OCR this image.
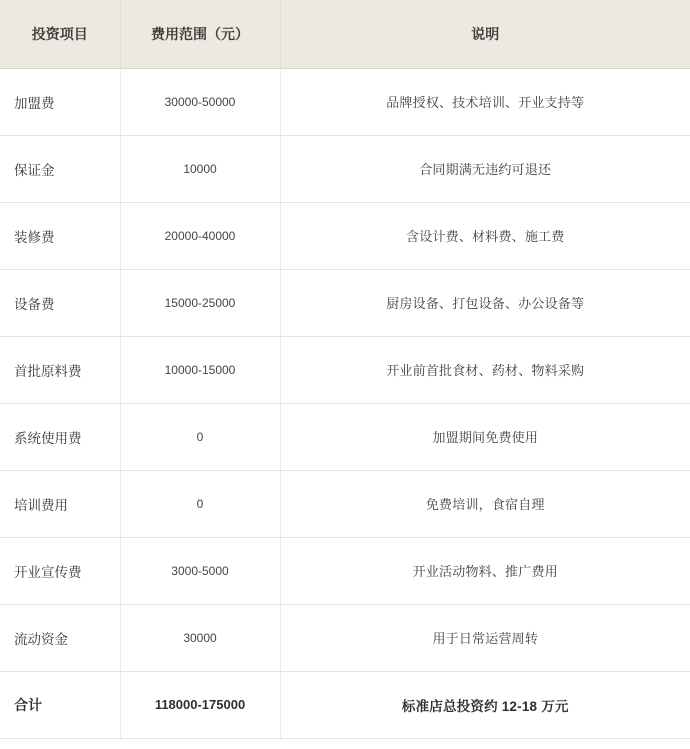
投资项目	费用范围（元）	说明
加盟费	30000-50000	品牌授权、技术培训、开业支持等
保证金	10000	合同期满无违约可退还
装修费	20000-40000	含设计费、材料费、施工费
设备费	15000-25000	厨房设备、打包设备、办公设备等
首批原料费	10000-15000	开业前首批食材、药材、物料采购
系统使用费	0	加盟期间免费使用
培训费用	0	免费培训，食宿自理
开业宣传费	3000-5000	开业活动物料、推广费用
流动资金	30000	用于日常运营周转
合计	118000-175000	标准店总投资约 12-18 万元
